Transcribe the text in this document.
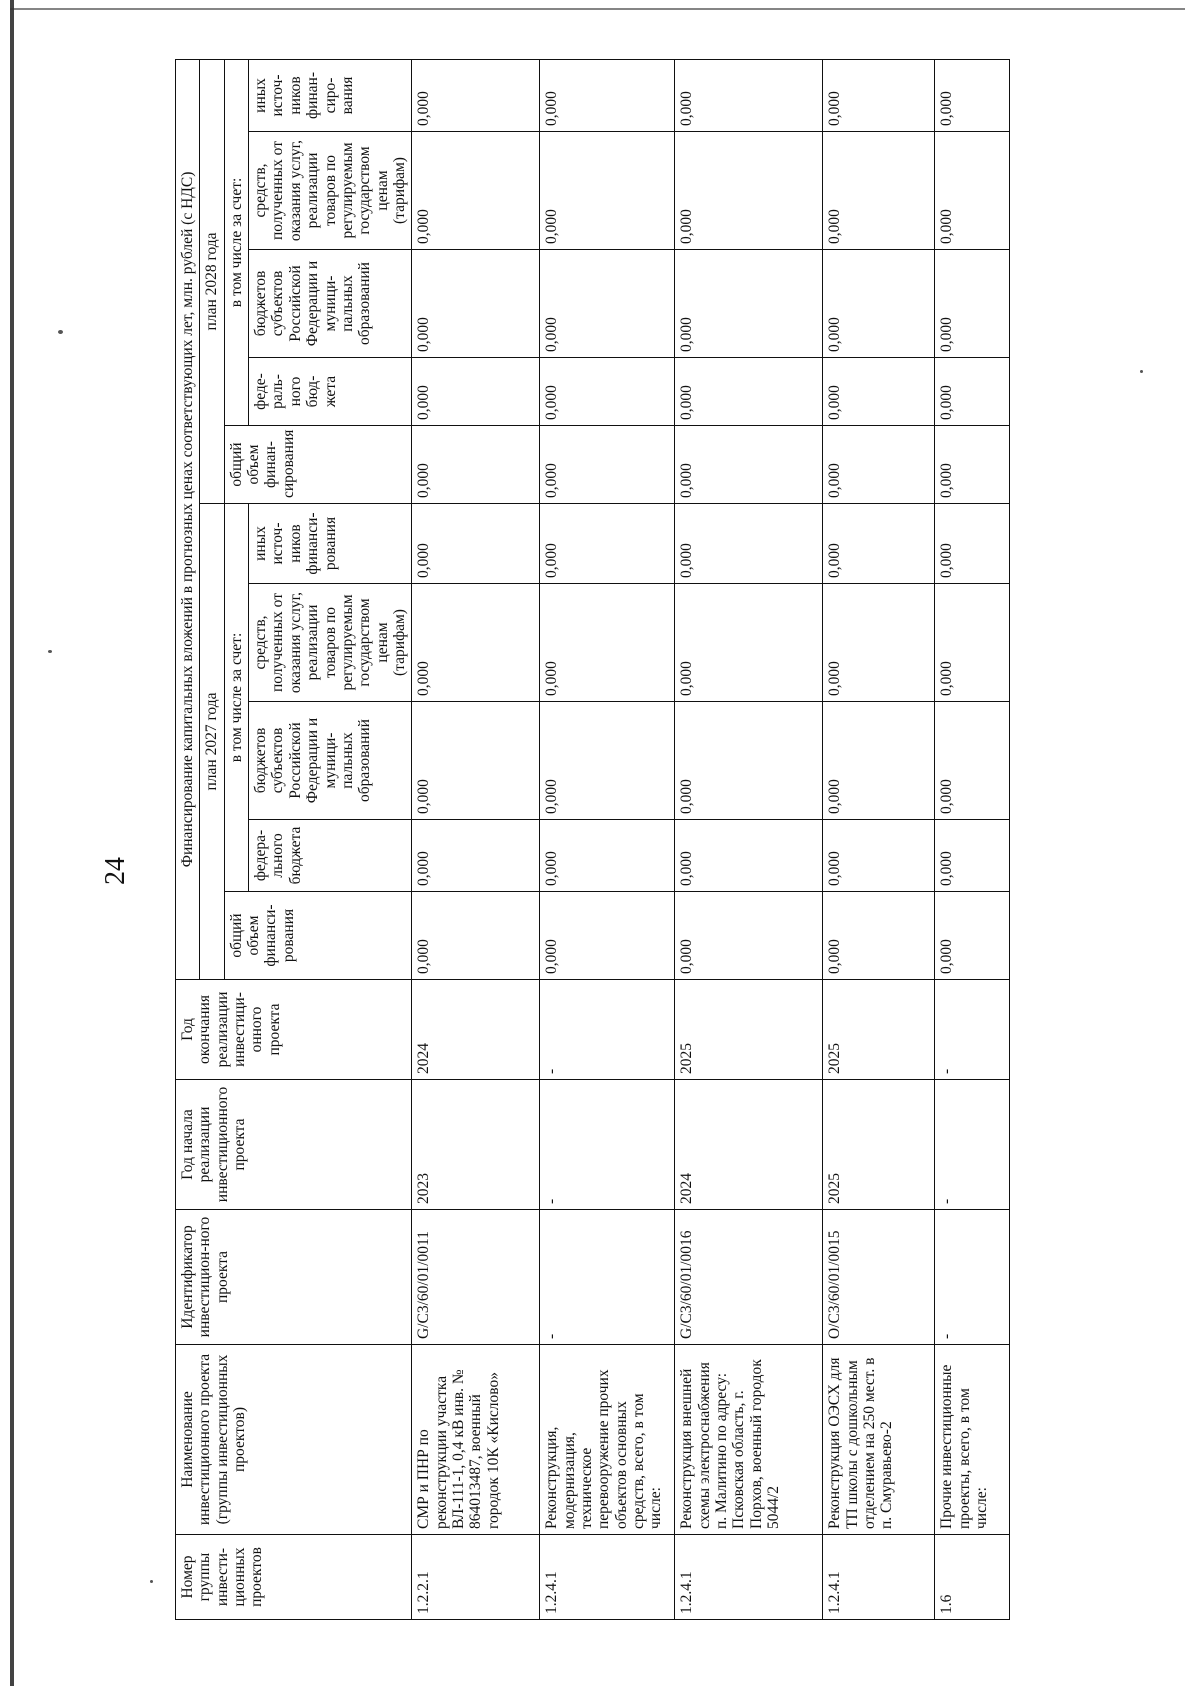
24
Номер группы инвести-ционных проектов	Наименование инвестиционного проекта (группы инвестиционных проектов)	Идентификатор инвестицион-ного проекта	Год начала реализации инвестиционного проекта	Год окончания реализации инвестици-онного проекта	Финансирование капитальных вложений в прогнозных ценах соответствующих лет, млн. рублей (с НДС)									
					план 2027 года					план 2028 года				
					общий объем финанси-рования	в том числе за счет:				общий объем финан-сирования	в том числе за счет:			
						федера-льного бюджета	бюджетов субъектов Российской Федерации и муници-пальных образований	средств, полученных от оказания услуг, реализации товаров по регулируемым государством ценам (тарифам)	иных источ-ников финанси-рования		феде-раль-ного бюд-жета	бюджетов субъектов Российской Федерации и муници-пальных образований	средств, полученных от оказания услуг, реализации товаров по регулируемым государством ценам (тарифам)	иных источ-ников финан-сиро-вания
1.2.2.1	СМР и ПНР по реконструкции участка ВЛ-111-1, 0,4 кВ инв. № 864013487, военный городок 10К «Кислово»	G/С3/60/01/0011	2023	2024	0,000	0,000	0,000	0,000	0,000	0,000	0,000	0,000	0,000	0,000
1.2.4.1	Реконструкция, модернизация, техническое перевооружение прочих объектов основных средств, всего, в том числе:	-	-	-	0,000	0,000	0,000	0,000	0,000	0,000	0,000	0,000	0,000	0,000
1.2.4.1	Реконструкция внешней схемы электроснабжения п. Малитино по адресу: Псковская область, г. Порхов, военный городок 5044/2	G/С3/60/01/0016	2024	2025	0,000	0,000	0,000	0,000	0,000	0,000	0,000	0,000	0,000	0,000
1.2.4.1	Реконструкция ОЭСХ для ТП школы с дошкольным отделением на 250 мест. в п. Смуравьево-2	О/С3/60/01/0015	2025	2025	0,000	0,000	0,000	0,000	0,000	0,000	0,000	0,000	0,000	0,000
1.6	Прочие инвестиционные проекты, всего, в том числе:	-	-	-	0,000	0,000	0,000	0,000	0,000	0,000	0,000	0,000	0,000	0,000
